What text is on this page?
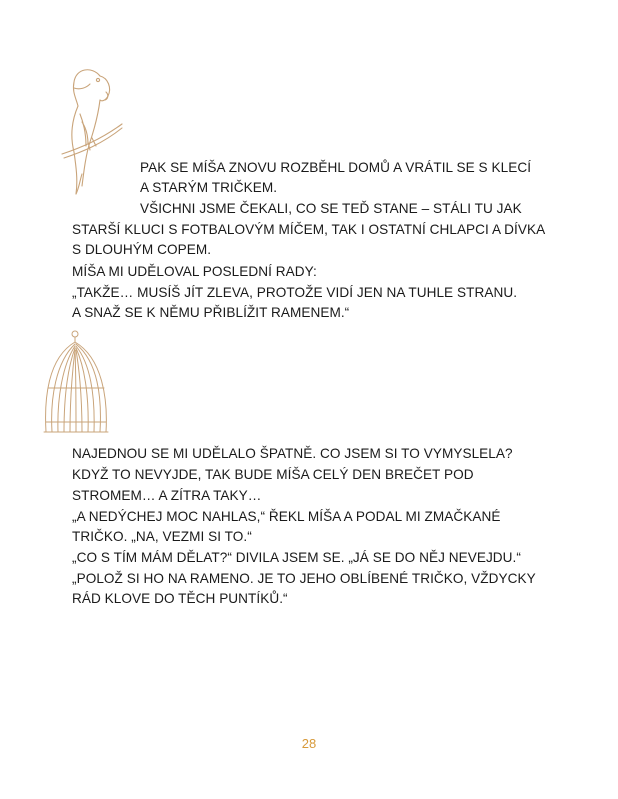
PAK SE MÍŠA ZNOVU ROZBĚHL DOMŮ A VRÁTIL SE S KLECÍ
A STARÝM TRIČKEM.
VŠICHNI JSME ČEKALI, CO SE TEĎ STANE – STÁLI TU JAK
STARŠÍ KLUCI S FOTBALOVÝM MÍČEM, TAK I OSTATNÍ CHLAPCI A DÍVKA
S DLOUHÝM COPEM.
MÍŠA MI UDĚLOVAL POSLEDNÍ RADY:
„TAKŽE… MUSÍŠ JÍT ZLEVA, PROTOŽE VIDÍ JEN NA TUHLE STRANU.
A SNAŽ SE K NĚMU PŘIBLÍŽIT RAMENEM.“
NAJEDNOU SE MI UDĚLALO ŠPATNĚ. CO JSEM SI TO VYMYSLELA?
KDYŽ TO NEVYJDE, TAK BUDE MÍŠA CELÝ DEN BREČET POD
STROMEM… A ZÍTRA TAKY…
„A NEDÝCHEJ MOC NAHLAS,“ ŘEKL MÍŠA A PODAL MI ZMAČKANÉ
TRIČKO. „NA, VEZMI SI TO.“
„CO S TÍM MÁM DĚLAT?“ DIVILA JSEM SE. „JÁ SE DO NĚJ NEVEJDU.“
„POLOŽ SI HO NA RAMENO. JE TO JEHO OBLÍBENÉ TRIČKO, VŽDYCKY
RÁD KLOVE DO TĚCH PUNTÍKŮ.“
28
